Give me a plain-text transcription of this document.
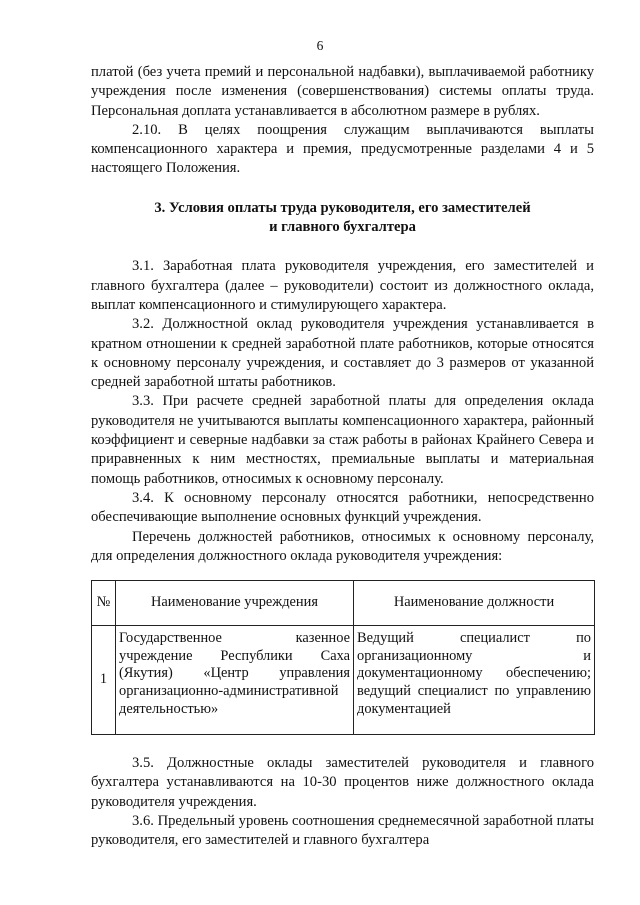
6

платой (без учета премий и персональной надбавки), выплачиваемой работнику учреждения после изменения (совершенствования) системы оплаты труда. Персональная доплата устанавливается в абсолютном размере в рублях.

2.10. В целях поощрения служащим выплачиваются выплаты компенсационного характера и премия, предусмотренные разделами 4 и 5 настоящего Положения.

3. Условия оплаты труда руководителя, его заместителей
и главного бухгалтера

3.1. Заработная плата руководителя учреждения, его заместителей и главного бухгалтера (далее – руководители) состоит из должностного оклада, выплат компенсационного и стимулирующего характера.

3.2. Должностной оклад руководителя учреждения устанавливается в кратном отношении к средней заработной плате работников, которые относятся к основному персоналу учреждения, и составляет до 3 размеров от указанной средней заработной штаты работников.

3.3. При расчете средней заработной платы для определения оклада руководителя не учитываются выплаты компенсационного характера, районный коэффициент и северные надбавки за стаж работы в районах Крайнего Севера и приравненных к ним местностях, премиальные выплаты и материальная помощь работников, относимых к основному персоналу.

3.4. К основному персоналу относятся работники, непосредственно обеспечивающие выполнение основных функций учреждения.

Перечень должностей работников, относимых к основному персоналу, для определения должностного оклада руководителя учреждения:

№	Наименование учреждения	Наименование должности
1	Государственное казенное учреждение Республики Саха (Якутия) «Центр управления организационно-административной деятельностью»	Ведущий специалист по организационному и документационному обеспечению; ведущий специалист по управлению документацией

3.5. Должностные оклады заместителей руководителя и главного бухгалтера устанавливаются на 10-30 процентов ниже должностного оклада руководителя учреждения.

3.6. Предельный уровень соотношения среднемесячной заработной платы руководителя, его заместителей и главного бухгалтера
